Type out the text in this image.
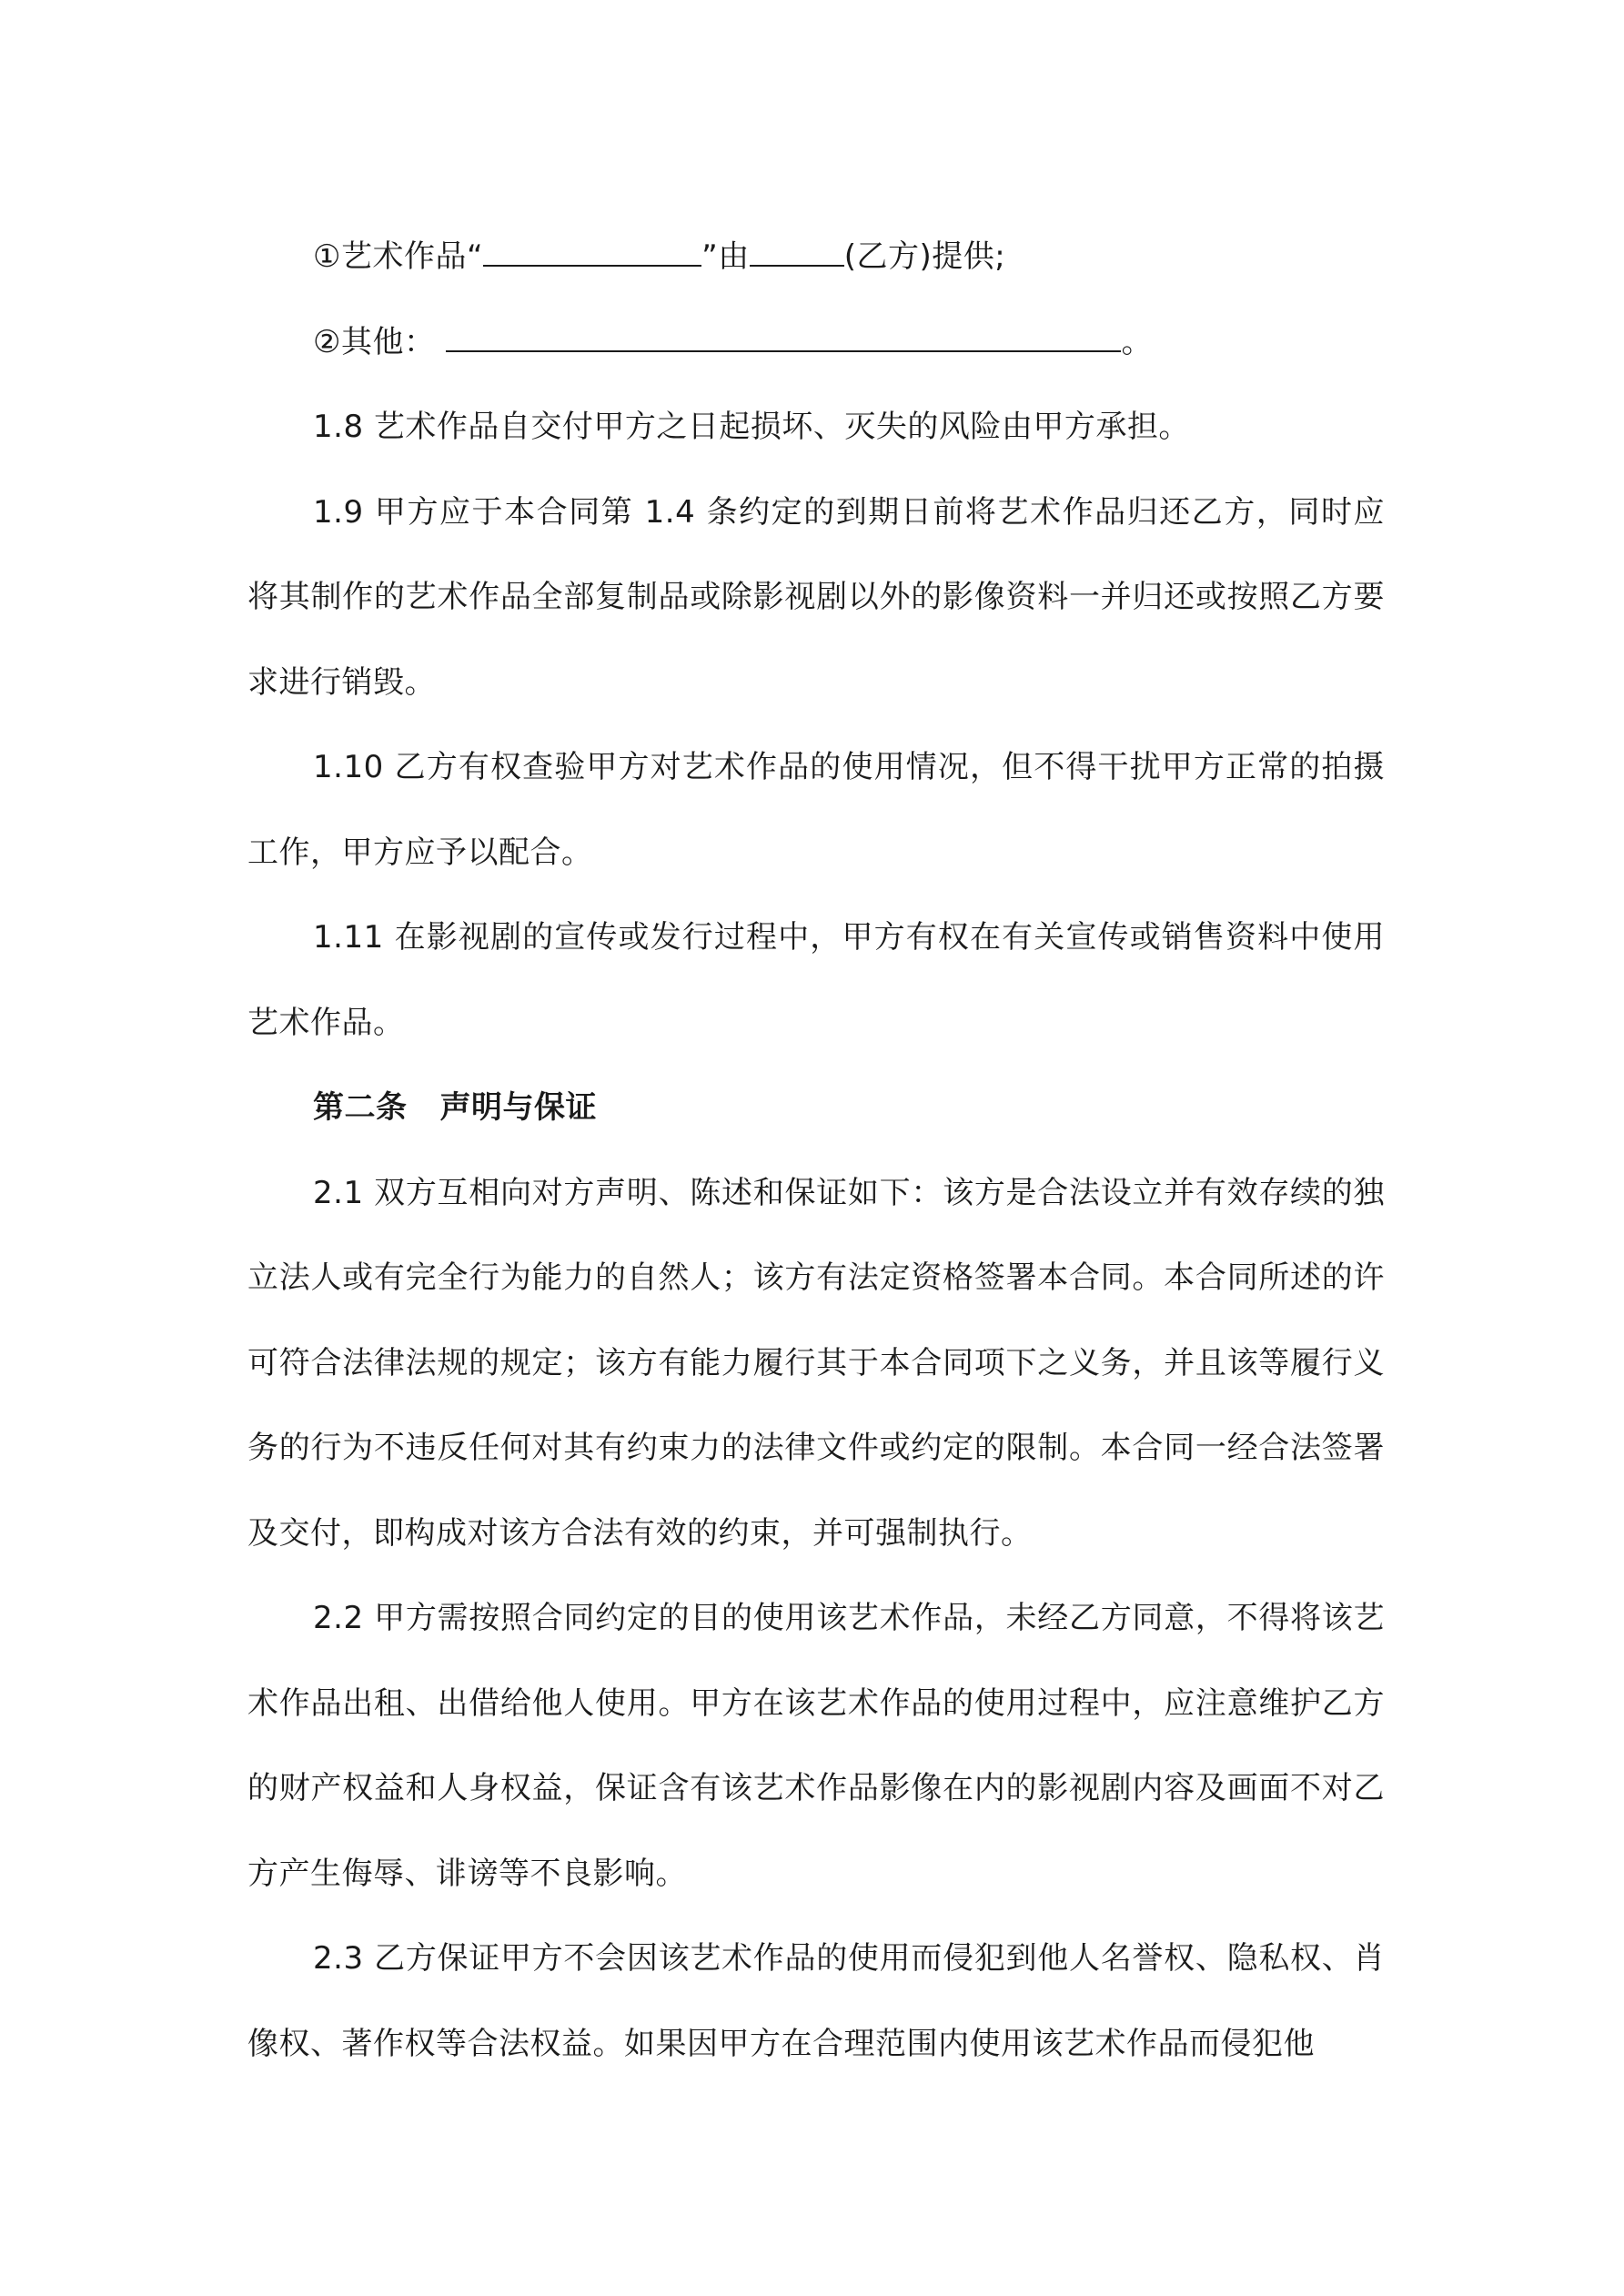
①艺术作品“	”由	(乙方)提供;

②其他：	。

1.8 艺术作品自交付甲方之日起损坏、灭失的风险由甲方承担。

1.9 甲方应于本合同第 1.4 条约定的到期日前将艺术作品归还乙方，同时应将其制作的艺术作品全部复制品或除影视剧以外的影像资料一并归还或按照乙方要求进行销毁。

1.10 乙方有权查验甲方对艺术作品的使用情况，但不得干扰甲方正常的拍摄工作，甲方应予以配合。

1.11 在影视剧的宣传或发行过程中，甲方有权在有关宣传或销售资料中使用艺术作品。

第二条 声明与保证

2.1 双方互相向对方声明、陈述和保证如下：该方是合法设立并有效存续的独立法人或有完全行为能力的自然人；该方有法定资格签署本合同。本合同所述的许可符合法律法规的规定；该方有能力履行其于本合同项下之义务，并且该等履行义务的行为不违反任何对其有约束力的法律文件或约定的限制。本合同一经合法签署及交付，即构成对该方合法有效的约束，并可强制执行。

2.2 甲方需按照合同约定的目的使用该艺术作品，未经乙方同意，不得将该艺术作品出租、出借给他人使用。甲方在该艺术作品的使用过程中，应注意维护乙方的财产权益和人身权益，保证含有该艺术作品影像在内的影视剧内容及画面不对乙方产生侮辱、诽谤等不良影响。

2.3 乙方保证甲方不会因该艺术作品的使用而侵犯到他人名誉权、隐私权、肖像权、著作权等合法权益。如果因甲方在合理范围内使用该艺术作品而侵犯他
